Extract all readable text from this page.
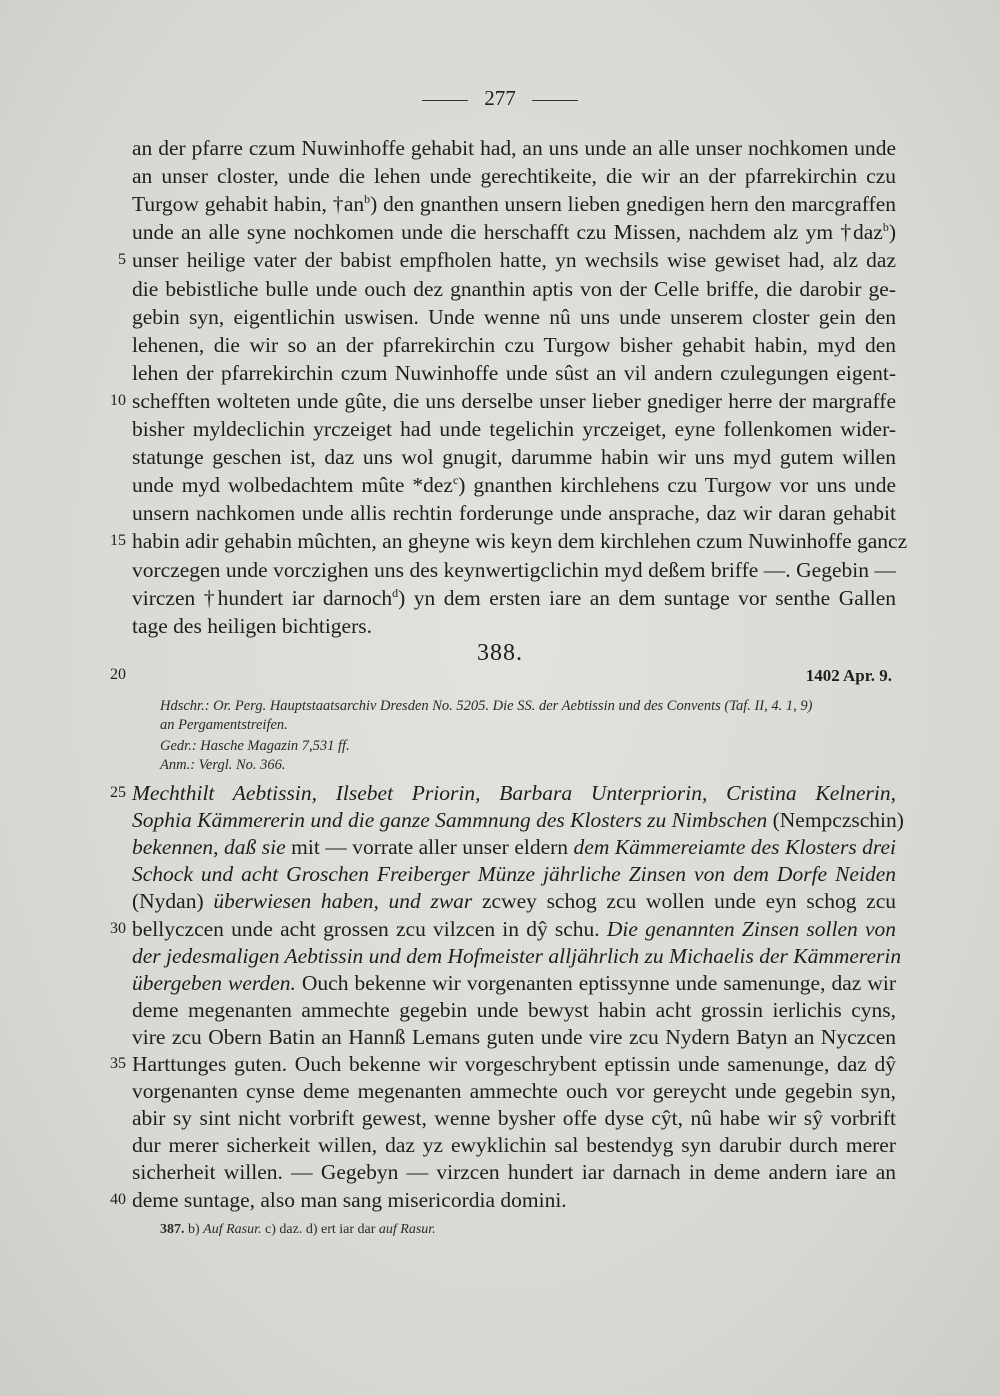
277
an der pfarre czum Nuwinhoffe gehabit had, an uns unde an alle unser nochkomen unde
an unser closter, unde die lehen unde gerechtikeite, die wir an der pfarrekirchin czu
Turgow gehabit habin, $\dagger an^b$) den gnanthen unsern lieben gnedigen hern den marcgraffen
unde an alle syne nochkomen unde die herschafft czu Missen, nachdem alz ym †daz$^b$)
5 unser heilige vater der babist empfholen hatte, yn wechsils wise gewiset had, alz daz
die bebistliche bulle unde ouch dez gnanthin aptis von der Celle briffe, die darobir ge-
gebin syn, eigentlichin uswisen. Unde wenne nû uns unde unserem closter gein den
lehenen, die wir so an der pfarrekirchin czu Turgow bisher gehabit habin, myd den
lehen der pfarrekirchin czum Nuwinhoffe unde sûst an vil andern czulegungen eigent-
10 schefften wolteten unde gûte, die uns derselbe unser lieber gnediger herre der margraffe
bisher myldeclichin yrczeiget had unde tegelichin yrczeiget, eyne follenkomen wider-
statunge geschen ist, daz uns wol gnugit, darumme habin wir uns myd gutem willen
unde myd wolbedachtem mûte *dez$^c$) gnanthen kirchlehens czu Turgow vor uns unde
unsern nachkomen unde allis rechtin forderunge unde ansprache, daz wir daran gehabit
15 habin adir gehabin mûchten, an gheyne wis keyn dem kirchlehen czum Nuwinhoffe gancz
vorczegen unde vorczighen uns des keynwertigclichin myd deßem briffe —. Gegebin —
virczen †hundert iar darnoch$^d$) yn dem ersten iare an dem suntage vor senthe Gallen
tage des heiligen bichtigers.
388.
20	1402 Apr. 9.
Hdschr.: Or. Perg. Hauptstaatsarchiv Dresden No. 5205. Die SS. der Aebtissin und des Convents (Taf. II, 4. 1, 9)
an Pergamentstreifen.
Gedr.: Hasche Magazin 7,531 ff.
Anm.: Vergl. No. 366.
25 Mechthilt Aebtissin, Ilsebet Priorin, Barbara Unterpriorin, Cristina Kelnerin,
Sophia Kämmererin und die ganze Sammnung des Klosters zu Nimbschen (Nempczschin)
bekennen, daß sie mit — vorrate aller unser eldern dem Kämmereiamte des Klosters drei
Schock und acht Groschen Freiberger Münze jährliche Zinsen von dem Dorfe Neiden
(Nydan) überwiesen haben, und zwar zcwey schog zcu wollen unde eyn schog zcu
30 bellyczcen unde acht grossen zcu vilzcen in dŷ schu. Die genannten Zinsen sollen von
der jedesmaligen Aebtissin und dem Hofmeister alljährlich zu Michaelis der Kämmererin
übergeben werden. Ouch bekenne wir vorgenanten eptissynne unde samenunge, daz wir
deme megenanten ammechte gegebin unde bewyst habin acht grossin ierlichis cyns,
vire zcu Obern Batin an Hannß Lemans guten unde vire zcu Nydern Batyn an Nyczcen
35 Harttunges guten. Ouch bekenne wir vorgeschrybent eptissin unde samenunge, daz dŷ
vorgenanten cynse deme megenanten ammechte ouch vor gereycht unde gegebin syn,
abir sy sint nicht vorbrift gewest, wenne bysher offe dyse cŷt, nû habe wir sŷ vorbrift
dur merer sicherkeit willen, daz yz ewyklichin sal bestendyg syn darubir durch merer
sicherheit willen. — Gegebyn — virzcen hundert iar darnach in deme andern iare an
40 deme suntage, also man sang misericordia domini.
387. b) Auf Rasur. c) daz. d) ert iar dar auf Rasur.
